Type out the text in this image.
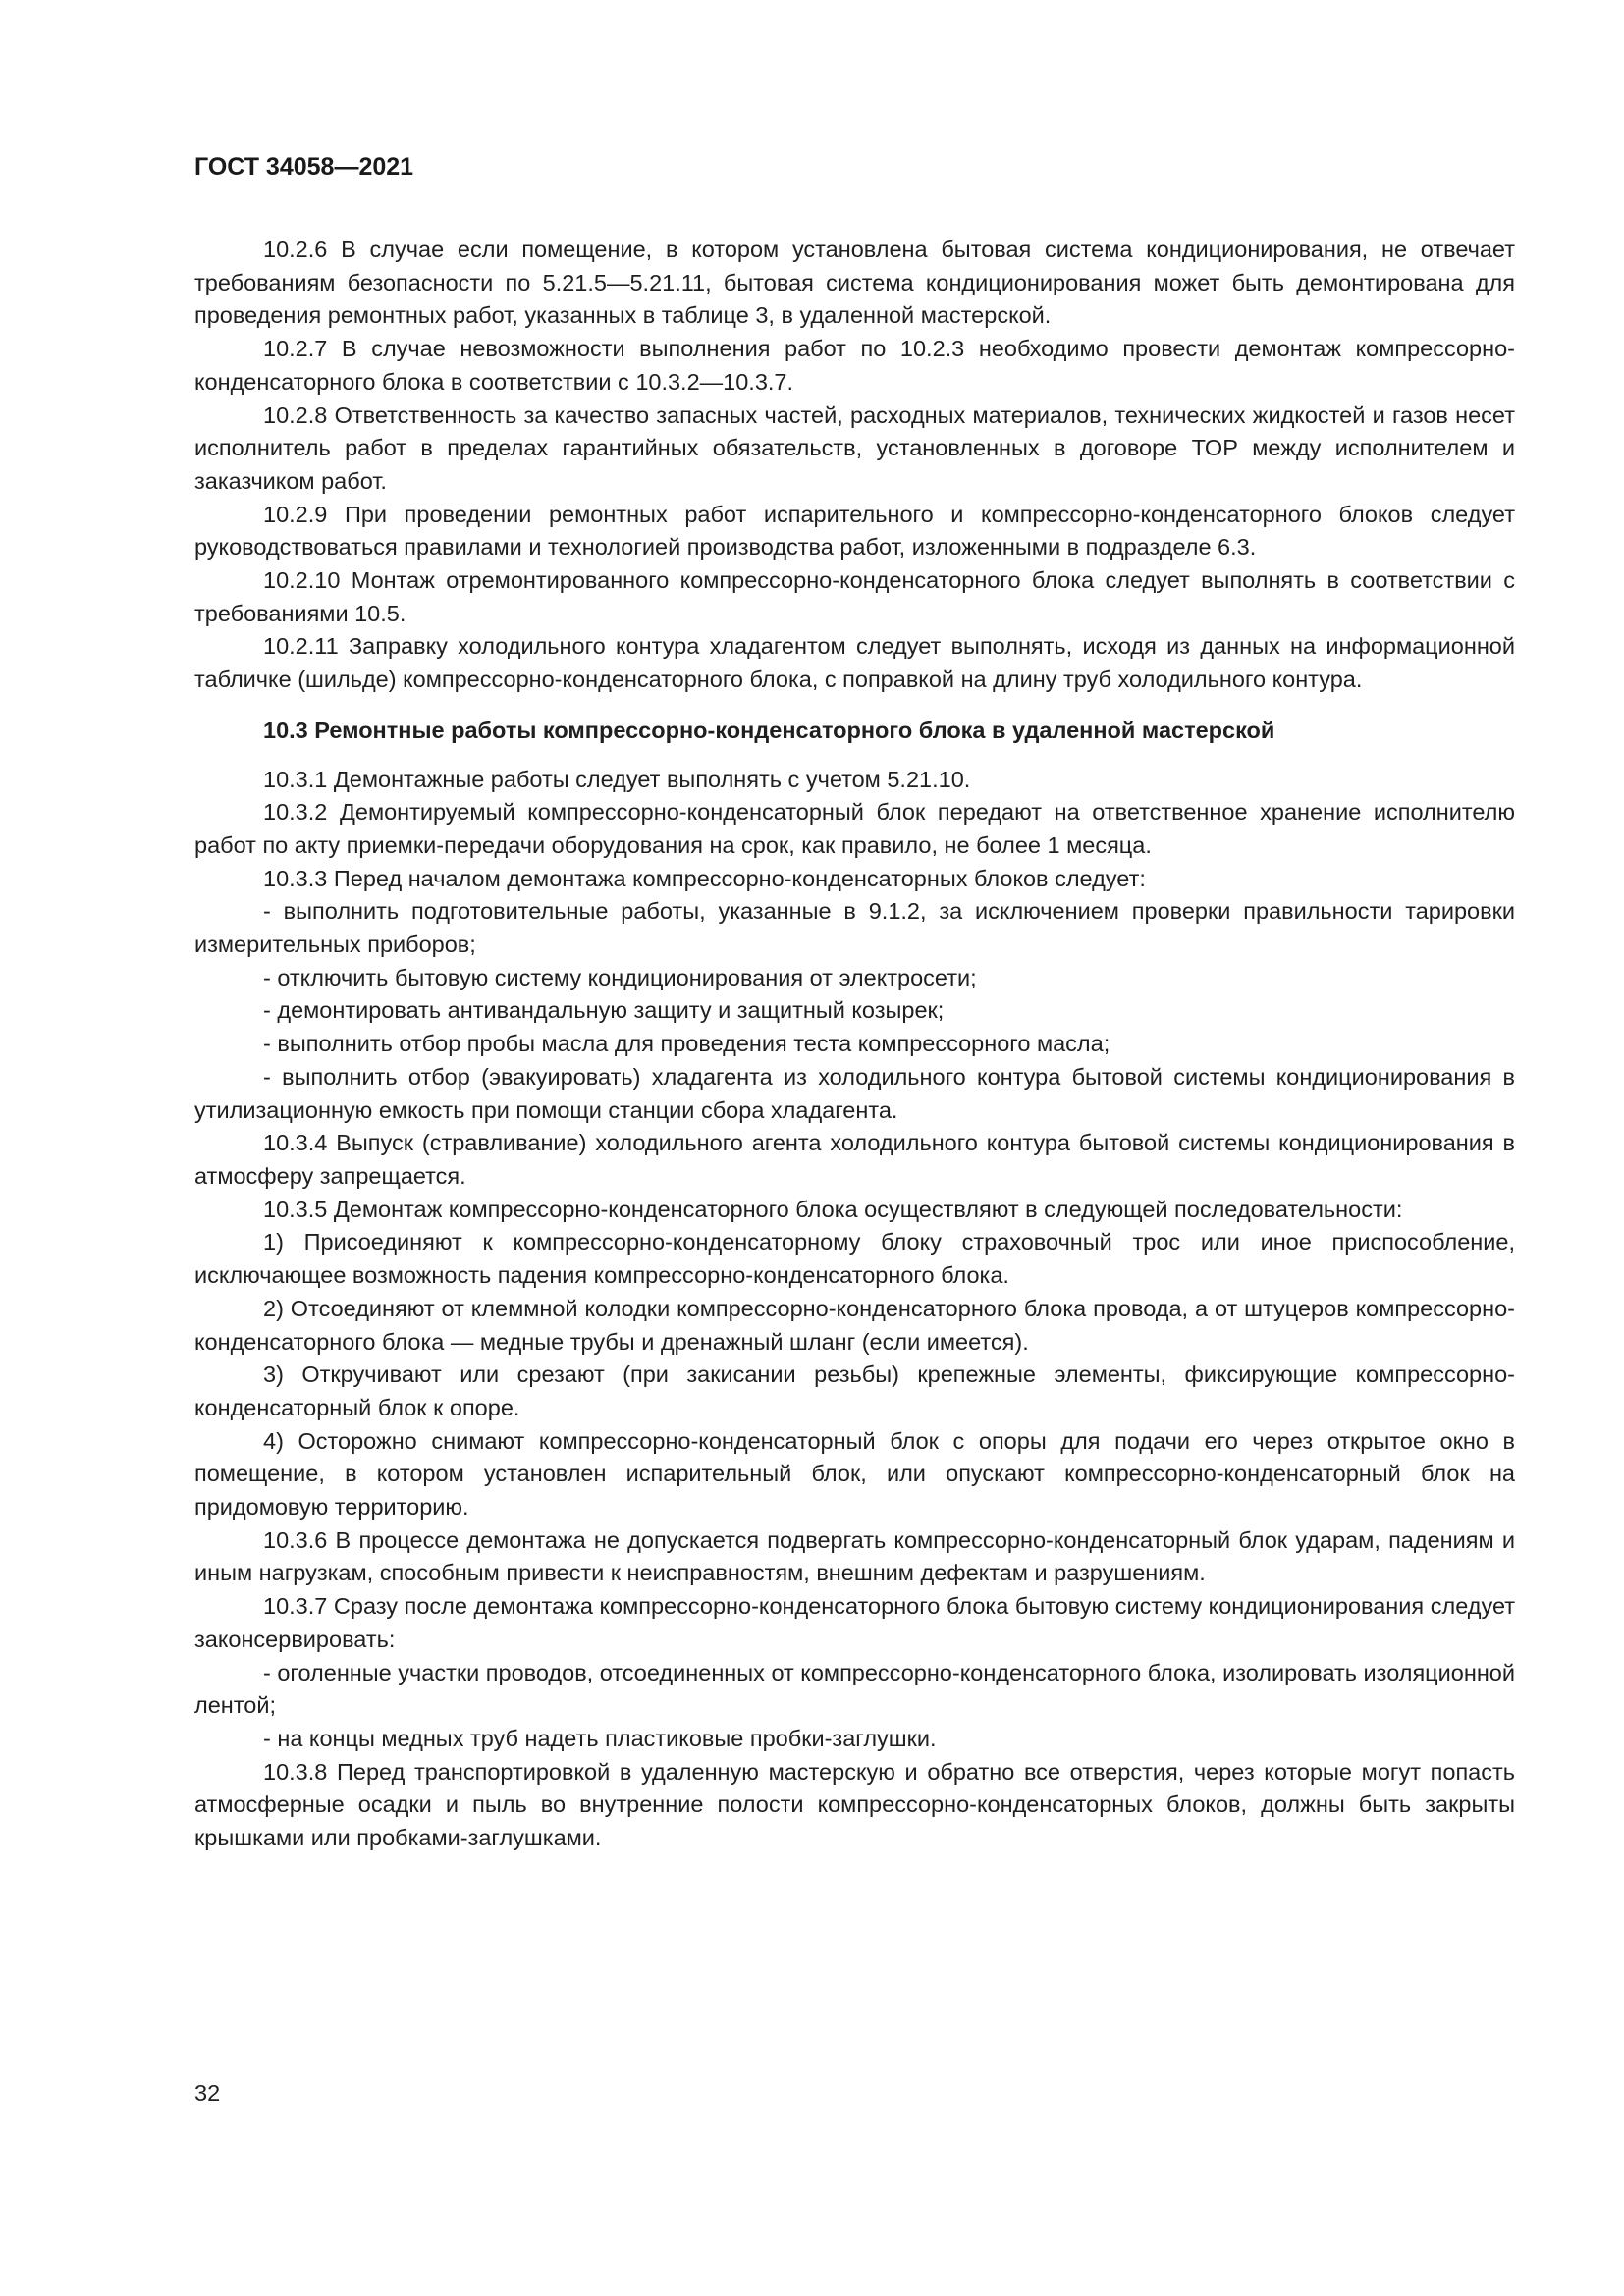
ГОСТ 34058—2021

10.2.6 В случае если помещение, в котором установлена бытовая система кондиционирования, не отвечает требованиям безопасности по 5.21.5—5.21.11, бытовая система кондиционирования может быть демонтирована для проведения ремонтных работ, указанных в таблице 3, в удаленной мастерской.

10.2.7 В случае невозможности выполнения работ по 10.2.3 необходимо провести демонтаж компрессорно-конденсаторного блока в соответствии с 10.3.2—10.3.7.

10.2.8 Ответственность за качество запасных частей, расходных материалов, технических жидкостей и газов несет исполнитель работ в пределах гарантийных обязательств, установленных в договоре ТОР между исполнителем и заказчиком работ.

10.2.9 При проведении ремонтных работ испарительного и компрессорно-конденсаторного блоков следует руководствоваться правилами и технологией производства работ, изложенными в подразделе 6.3.

10.2.10 Монтаж отремонтированного компрессорно-конденсаторного блока следует выполнять в соответствии с требованиями 10.5.

10.2.11 Заправку холодильного контура хладагентом следует выполнять, исходя из данных на информационной табличке (шильде) компрессорно-конденсаторного блока, с поправкой на длину труб холодильного контура.

10.3 Ремонтные работы компрессорно-конденсаторного блока в удаленной мастерской

10.3.1 Демонтажные работы следует выполнять с учетом 5.21.10.

10.3.2 Демонтируемый компрессорно-конденсаторный блок передают на ответственное хранение исполнителю работ по акту приемки-передачи оборудования на срок, как правило, не более 1 месяца.

10.3.3 Перед началом демонтажа компрессорно-конденсаторных блоков следует:

- выполнить подготовительные работы, указанные в 9.1.2, за исключением проверки правильности тарировки измерительных приборов;

- отключить бытовую систему кондиционирования от электросети;

- демонтировать антивандальную защиту и защитный козырек;

- выполнить отбор пробы масла для проведения теста компрессорного масла;

- выполнить отбор (эвакуировать) хладагента из холодильного контура бытовой системы кондиционирования в утилизационную емкость при помощи станции сбора хладагента.

10.3.4 Выпуск (стравливание) холодильного агента холодильного контура бытовой системы кондиционирования в атмосферу запрещается.

10.3.5 Демонтаж компрессорно-конденсаторного блока осуществляют в следующей последовательности:

1) Присоединяют к компрессорно-конденсаторному блоку страховочный трос или иное приспособление, исключающее возможность падения компрессорно-конденсаторного блока.

2) Отсоединяют от клеммной колодки компрессорно-конденсаторного блока провода, а от штуцеров компрессорно-конденсаторного блока — медные трубы и дренажный шланг (если имеется).

3) Откручивают или срезают (при закисании резьбы) крепежные элементы, фиксирующие компрессорно-конденсаторный блок к опоре.

4) Осторожно снимают компрессорно-конденсаторный блок с опоры для подачи его через открытое окно в помещение, в котором установлен испарительный блок, или опускают компрессорно-конденсаторный блок на придомовую территорию.

10.3.6 В процессе демонтажа не допускается подвергать компрессорно-конденсаторный блок ударам, падениям и иным нагрузкам, способным привести к неисправностям, внешним дефектам и разрушениям.

10.3.7 Сразу после демонтажа компрессорно-конденсаторного блока бытовую систему кондиционирования следует законсервировать:

- оголенные участки проводов, отсоединенных от компрессорно-конденсаторного блока, изолировать изоляционной лентой;

- на концы медных труб надеть пластиковые пробки-заглушки.

10.3.8 Перед транспортировкой в удаленную мастерскую и обратно все отверстия, через которые могут попасть атмосферные осадки и пыль во внутренние полости компрессорно-конденсаторных блоков, должны быть закрыты крышками или пробками-заглушками.

32
